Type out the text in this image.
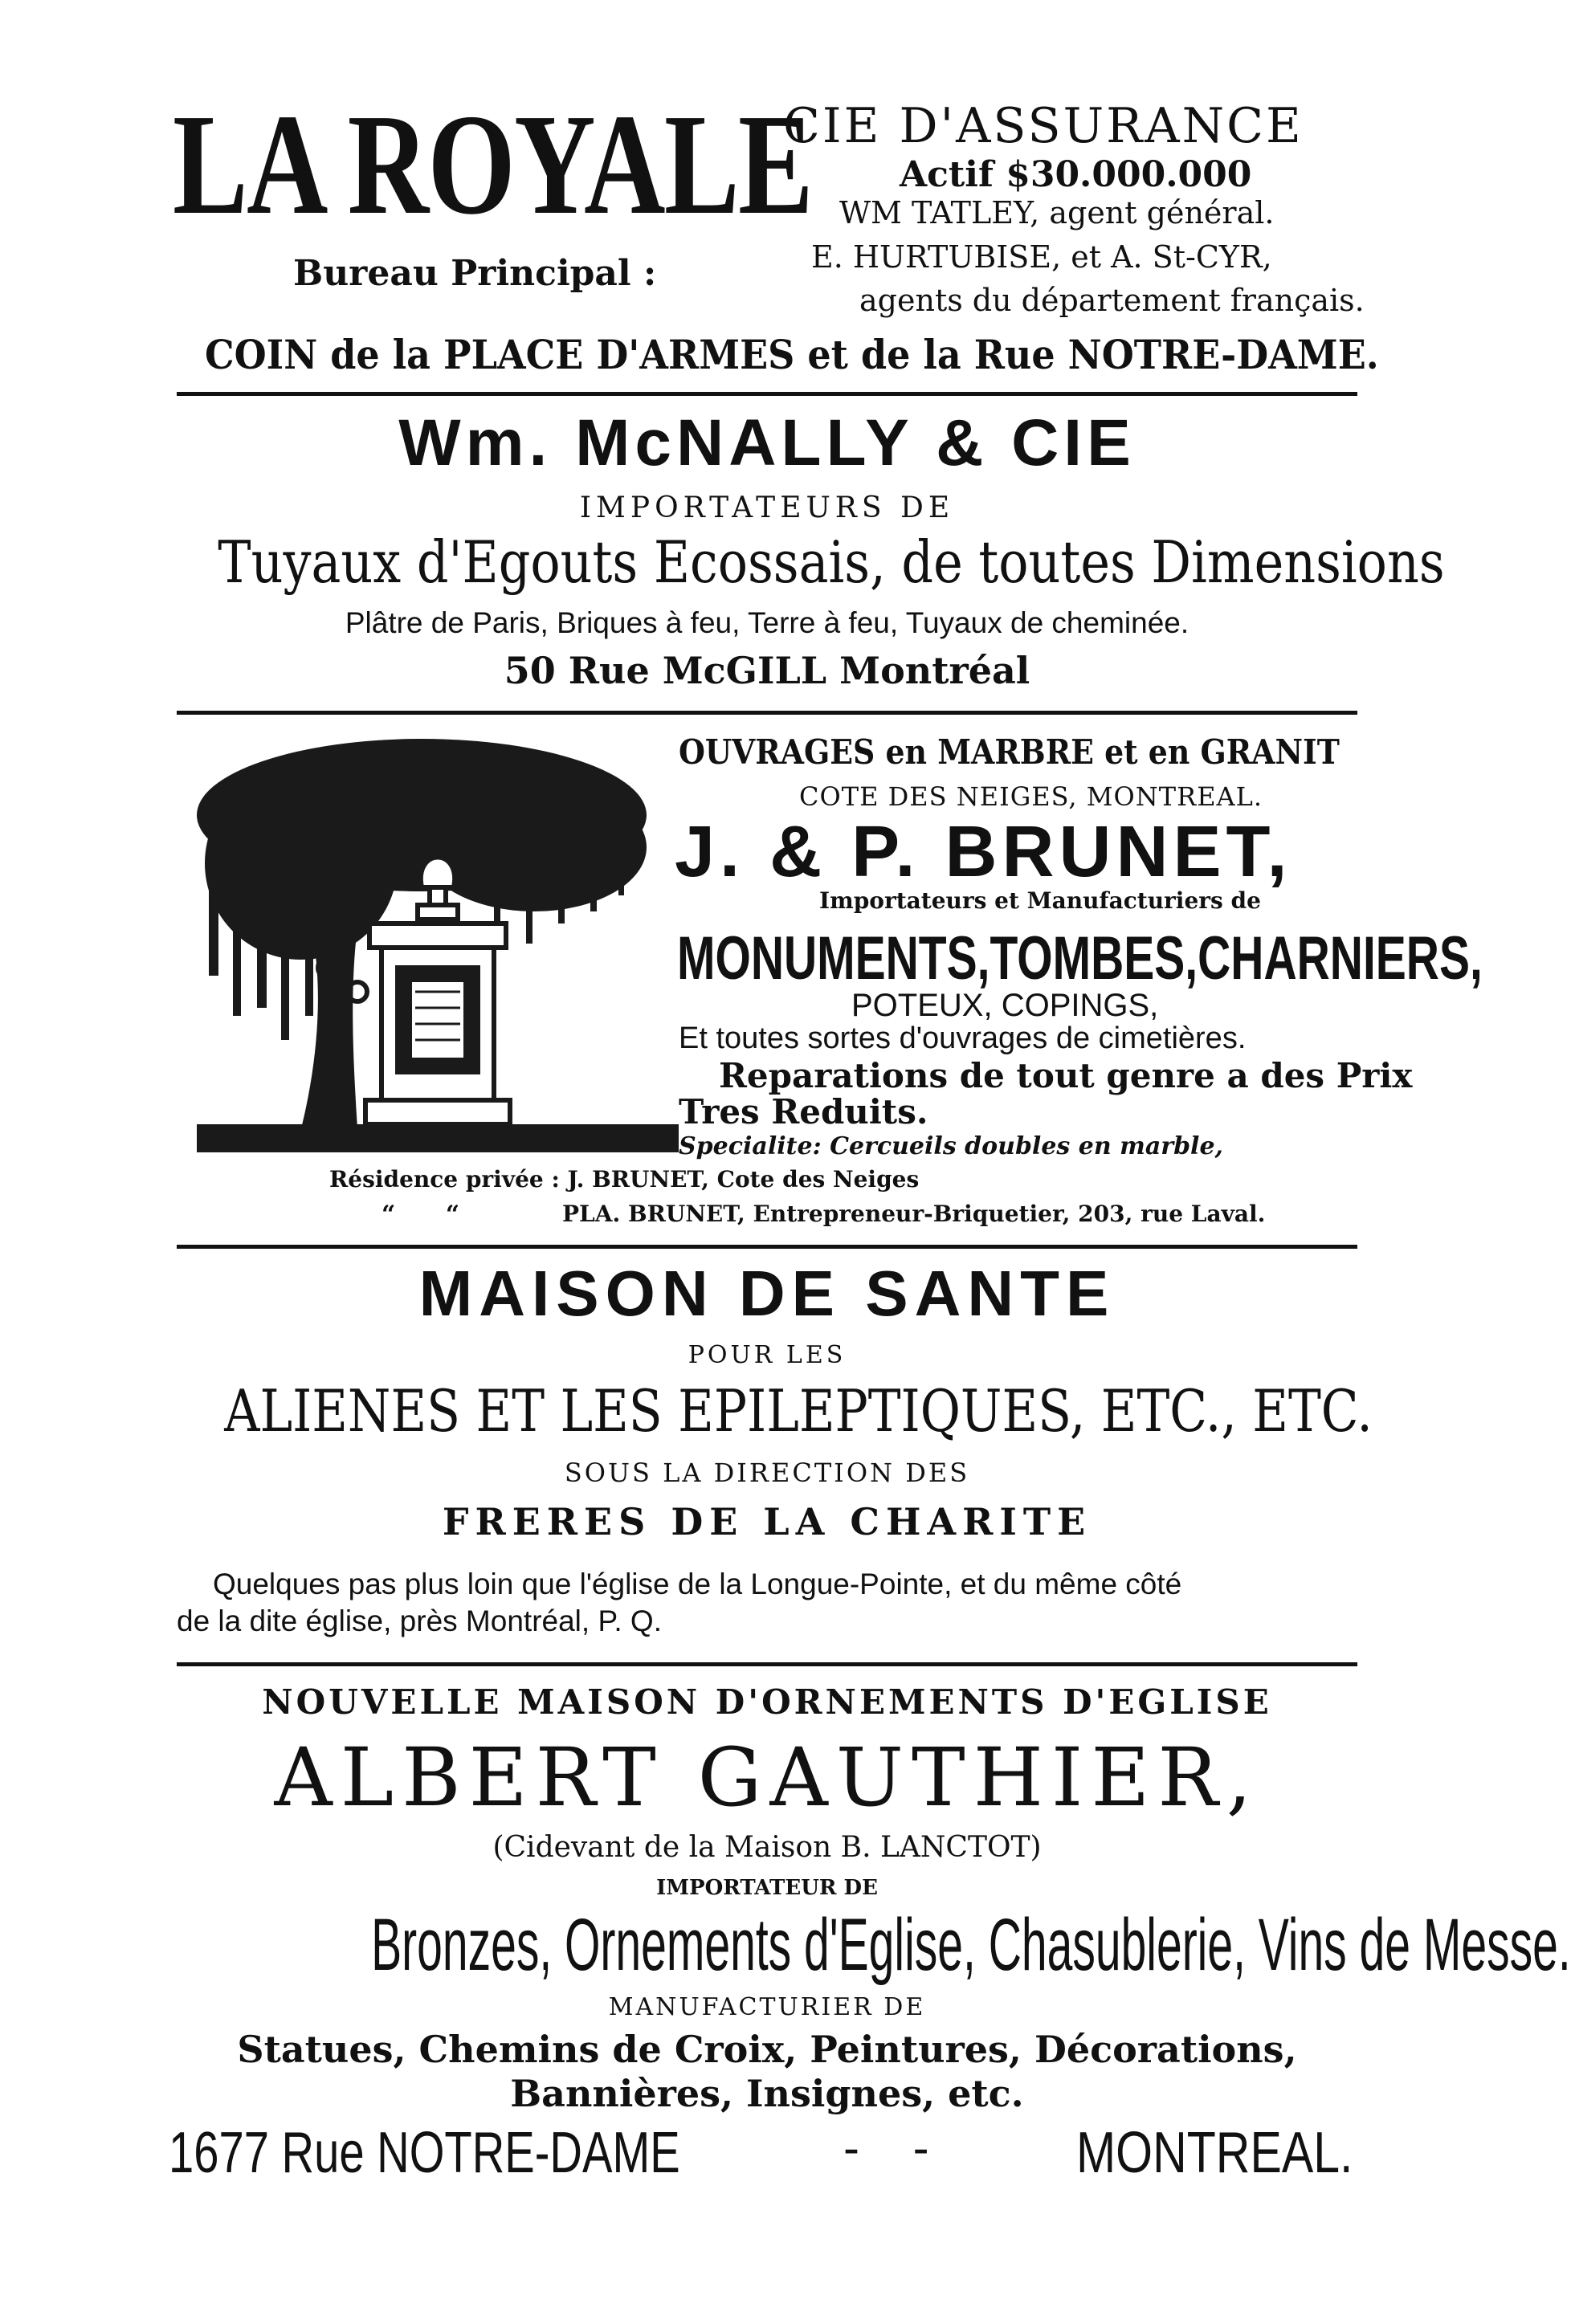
LA ROYALE
Bureau Principal :
CIE D'ASSURANCE
Actif $30.000.000
WM TATLEY, agent général.
E. HURTUBISE, et A. St-CYR,
agents du département français.
COIN de la PLACE D'ARMES et de la Rue NOTRE-DAME.
Wm. McNALLY & CIE
IMPORTATEURS DE
Tuyaux d'Egouts Ecossais, de toutes Dimensions
Plâtre de Paris, Briques à feu, Terre à feu, Tuyaux de cheminée.
50 Rue McGILL Montréal
OUVRAGES en MARBRE et en GRANIT
COTE DES NEIGES, MONTREAL.
J. & P. BRUNET,
Importateurs et Manufacturiers de
MONUMENTS,TOMBES,CHARNIERS,
POTEUX, COPINGS,
Et toutes sortes d'ouvrages de cimetières.
Reparations de tout genre a des Prix
Tres Reduits.
Specialite: Cercueils doubles en marble,
Résidence privée : J. BRUNET, Cote des Neiges
“      “	PLA. BRUNET, Entrepreneur-Briquetier, 203, rue Laval.
MAISON DE SANTE
POUR LES
ALIENES ET LES EPILEPTIQUES, ETC., ETC.
SOUS LA DIRECTION DES
FRERES DE LA CHARITE
Quelques pas plus loin que l'église de la Longue-Pointe, et du même côté
de la dite église, près Montréal, P. Q.
NOUVELLE MAISON D'ORNEMENTS D'EGLISE
ALBERT GAUTHIER,
(Cidevant de la Maison B. LANCTOT)
IMPORTATEUR DE
Bronzes, Ornements d'Eglise, Chasublerie, Vins de Messe.
MANUFACTURIER DE
Statues, Chemins de Croix, Peintures, Décorations,
Bannières, Insignes, etc.
1677 Rue NOTRE-DAME	-    -	MONTREAL.
